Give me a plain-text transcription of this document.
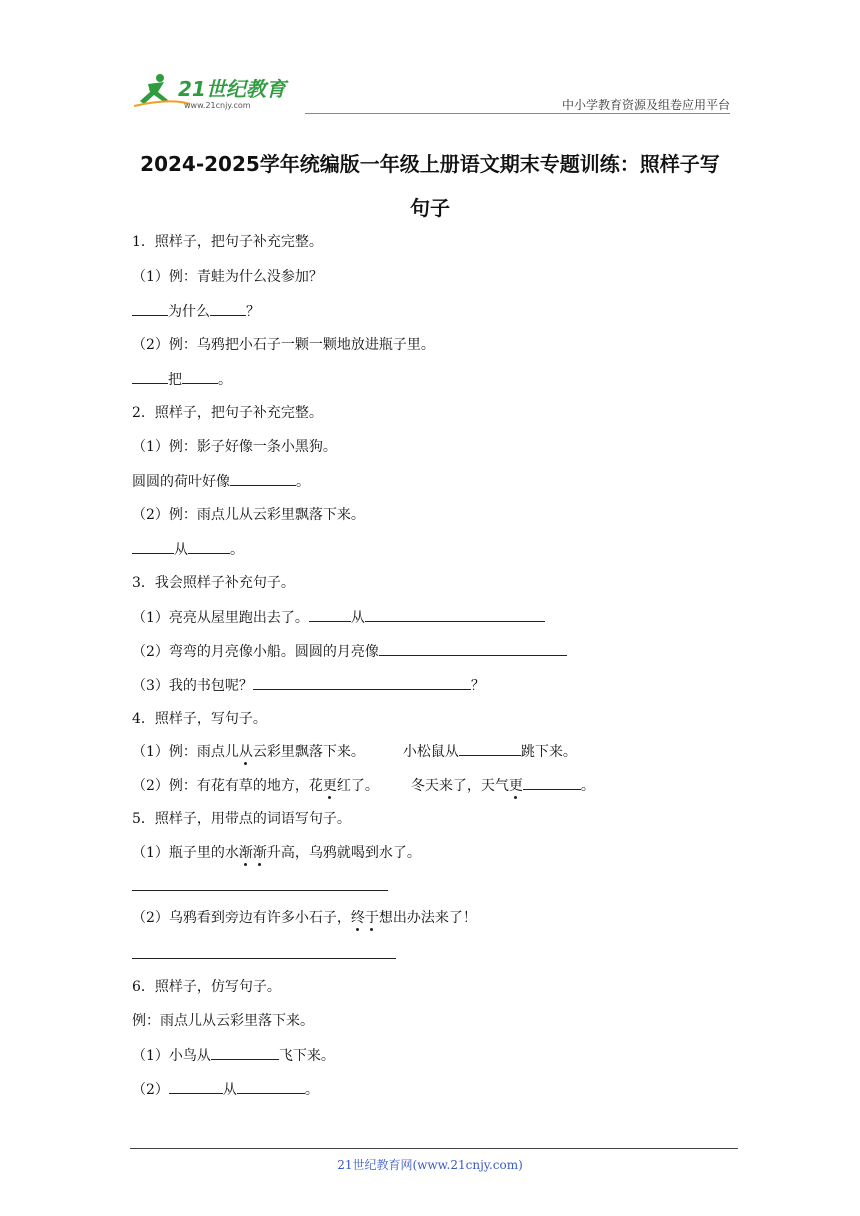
21世纪教育
www.21cnjy.com	中小学教育资源及组卷应用平台
2024-2025学年统编版一年级上册语文期末专题训练：照样子写
句子
1．照样子，把句子补充完整。
（1）例：青蛙为什么没参加？
为什么	？
（2）例：乌鸦把小石子一颗一颗地放进瓶子里。
把	。
2．照样子，把句子补充完整。
（1）例：影子好像一条小黑狗。
圆圆的荷叶好像	。
（2）例：雨点儿从云彩里飘落下来。
从	。
3．我会照样子补充句子。
（1）亮亮从屋里跑出去了。	从
（2）弯弯的月亮像小船。圆圆的月亮像
（3）我的书包呢？	？
4．照样子，写句子。
（1）例：雨点儿从云彩里飘落下来。	小松鼠从	跳下来。
（2）例：有花有草的地方，花更红了。 冬天来了，天气更	。
5．照样子，用带点的词语写句子。
（1）瓶子里的水渐渐升高，乌鸦就喝到水了。
（2）乌鸦看到旁边有许多小石子，终于想出办法来了！
6．照样子，仿写句子。
例：雨点儿从云彩里落下来。
（1）小鸟从	飞下来。
（2）	从	。
21世纪教育网(www.21cnjy.com)
